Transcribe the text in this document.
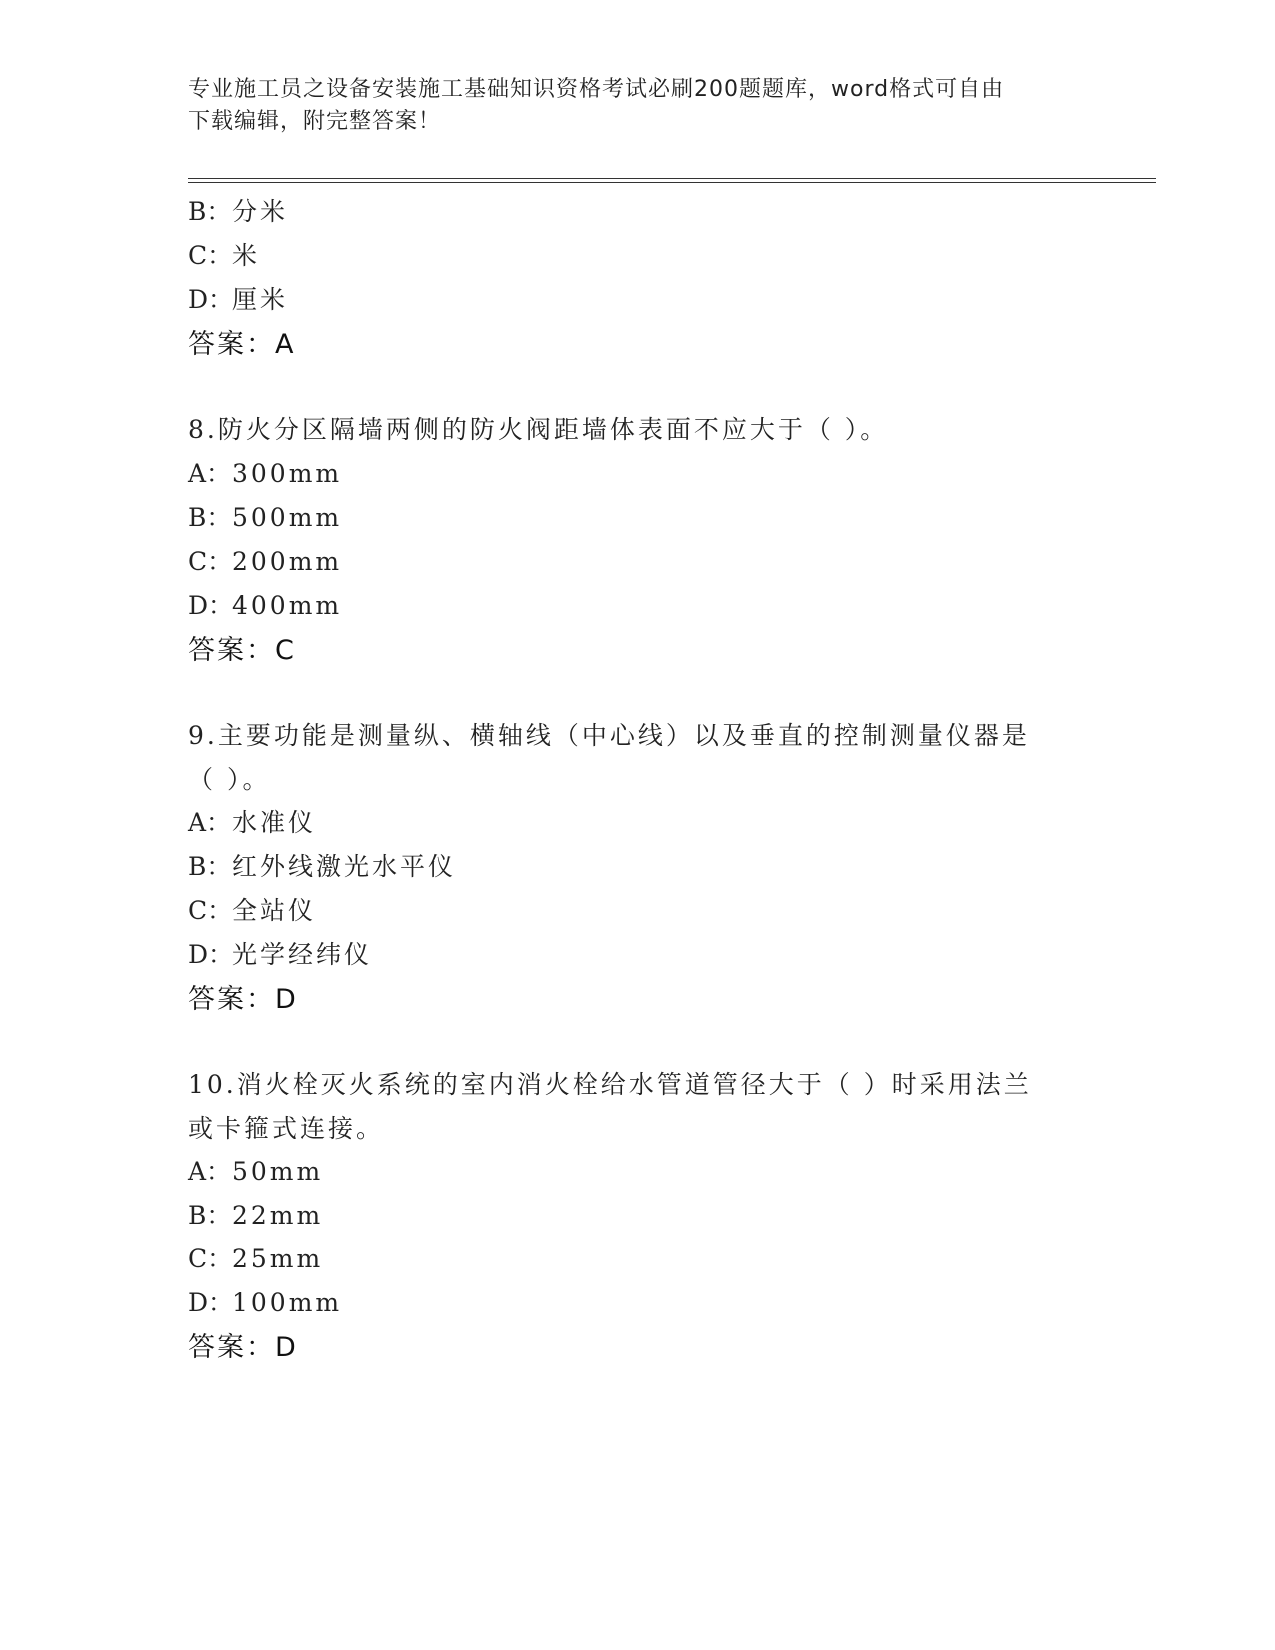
专业施工员之设备安装施工基础知识资格考试必刷200题题库，word格式可自由
下载编辑，附完整答案！
B：分米
C：米
D：厘米
答案：A
8.防火分区隔墙两侧的防火阀距墙体表面不应大于（ ）。
A：300mm
B：500mm
C：200mm
D：400mm
答案：C
9.主要功能是测量纵、横轴线（中心线）以及垂直的控制测量仪器是
（ ）。
A：水准仪
B：红外线激光水平仪
C：全站仪
D：光学经纬仪
答案：D
10.消火栓灭火系统的室内消火栓给水管道管径大于（ ）时采用法兰
或卡箍式连接。
A：50mm
B：22mm
C：25mm
D：100mm
答案：D
